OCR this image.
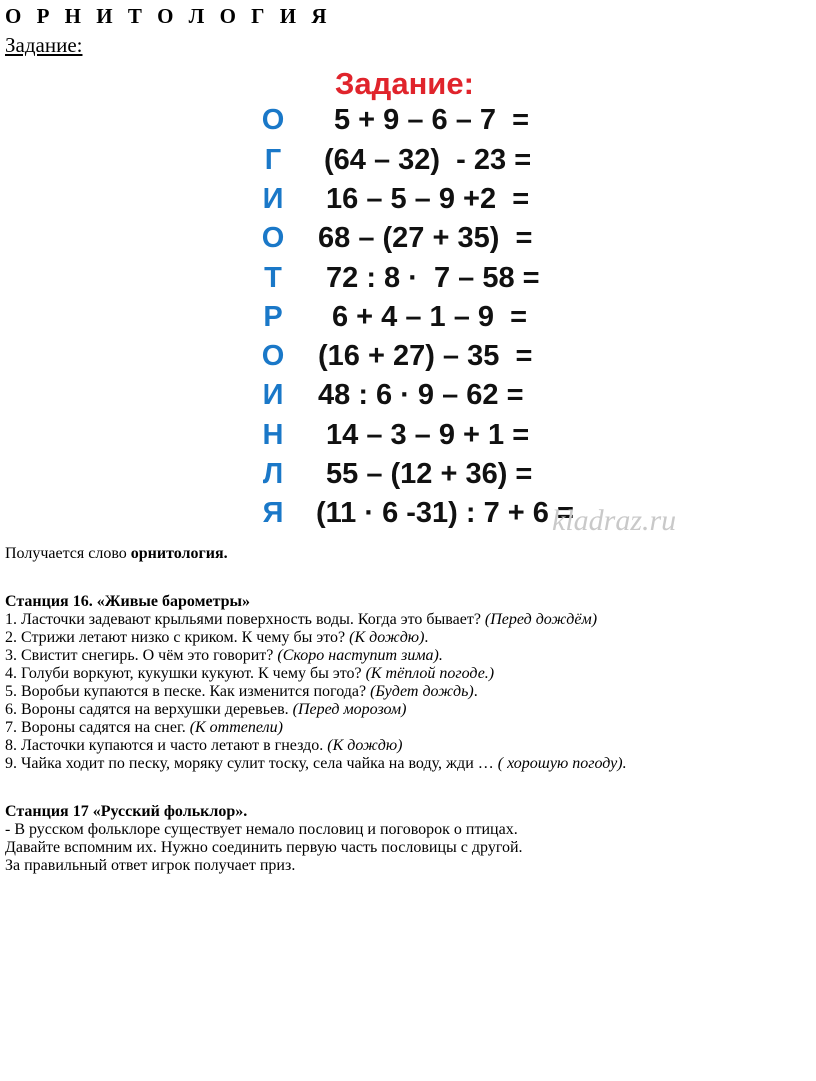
О Р Н И Т О Л О Г И Я
Задание:
Задание:
О 5 + 9 – 6 – 7  =
Г (64 – 32)  - 23 =
И 16 – 5 – 9 +2  =
О 68 – (27 + 35)  =
Т 72 : 8 ·  7 – 58 =
Р 6 + 4 – 1 – 9  =
О (16 + 27) – 35  =
И 48 : 6 · 9 – 62 =
Н 14 – 3 – 9 + 1 =
Л 55 – (12 + 36) =
Я (11 · 6 -31) : 7 + 6 =
kladraz.ru

Получается слово орнитология.

Станция 16. «Живые барометры»

1. Ласточки задевают крыльями поверхность воды. Когда это бывает? (Перед дождём)

2. Стрижи летают низко с криком. К чему бы это? (К дождю).

3. Свистит снегирь. О чём это говорит? (Скоро наступит зима).

4. Голуби воркуют, кукушки кукуют. К чему бы это? (К тёплой погоде.)

5. Воробьи купаются в песке. Как изменится погода? (Будет дождь).

6. Вороны садятся на верхушки деревьев. (Перед морозом)

7. Вороны садятся на снег. (К оттепели)

8. Ласточки купаются и часто летают в гнездо. (К дождю)

9. Чайка ходит по песку, моряку сулит тоску, села чайка на воду, жди … ( хорошую погоду).

Станция 17 «Русский фольклор».

- В русском фольклоре существует немало пословиц и поговорок о птицах.

Давайте вспомним их. Нужно соединить первую часть пословицы с другой.

За правильный ответ игрок получает приз.
